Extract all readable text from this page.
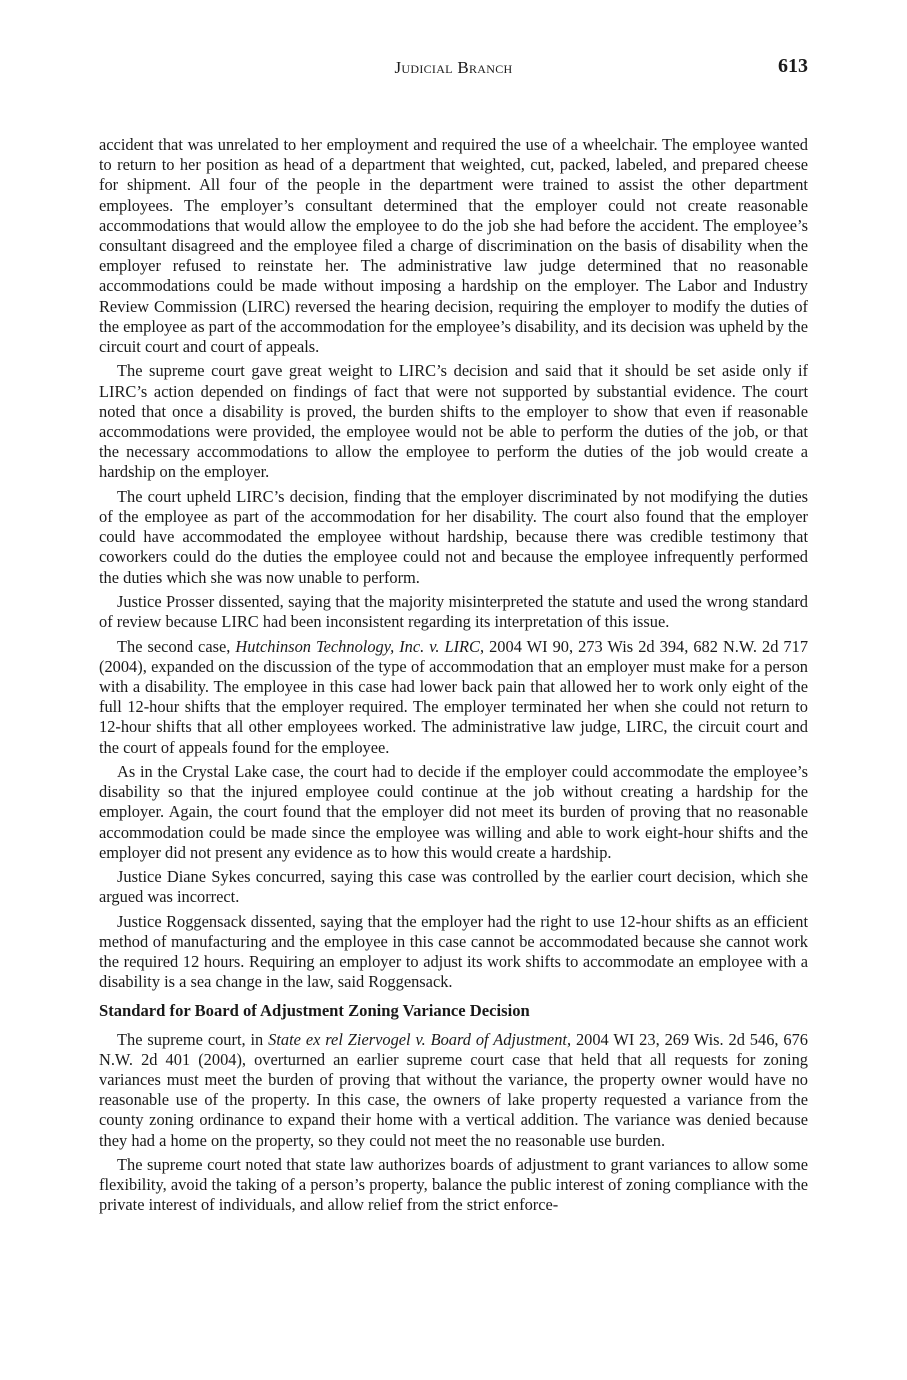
Judicial Branch	613

accident that was unrelated to her employment and required the use of a wheelchair. The employee wanted to return to her position as head of a department that weighted, cut, packed, labeled, and prepared cheese for shipment. All four of the people in the department were trained to assist the other department employees. The employer’s consultant determined that the employer could not create reasonable accommodations that would allow the employee to do the job she had before the accident. The employee’s consultant disagreed and the employee filed a charge of discrimination on the basis of disability when the employer refused to reinstate her. The administrative law judge determined that no reasonable accommodations could be made without imposing a hardship on the employer. The Labor and Industry Review Commission (LIRC) reversed the hearing decision, requiring the employer to modify the duties of the employee as part of the accommodation for the employee’s disability, and its decision was upheld by the circuit court and court of appeals.

The supreme court gave great weight to LIRC’s decision and said that it should be set aside only if LIRC’s action depended on findings of fact that were not supported by substantial evidence. The court noted that once a disability is proved, the burden shifts to the employer to show that even if reasonable accommodations were provided, the employee would not be able to perform the duties of the job, or that the necessary accommodations to allow the employee to perform the duties of the job would create a hardship on the employer.

The court upheld LIRC’s decision, finding that the employer discriminated by not modifying the duties of the employee as part of the accommodation for her disability. The court also found that the employer could have accommodated the employee without hardship, because there was credible testimony that coworkers could do the duties the employee could not and because the employee infrequently performed the duties which she was now unable to perform.

Justice Prosser dissented, saying that the majority misinterpreted the statute and used the wrong standard of review because LIRC had been inconsistent regarding its interpretation of this issue.

The second case, Hutchinson Technology, Inc. v. LIRC, 2004 WI 90, 273 Wis 2d 394, 682 N.W. 2d 717 (2004), expanded on the discussion of the type of accommodation that an employer must make for a person with a disability. The employee in this case had lower back pain that allowed her to work only eight of the full 12-hour shifts that the employer required. The employer terminated her when she could not return to 12-hour shifts that all other employees worked. The administrative law judge, LIRC, the circuit court and the court of appeals found for the employee.

As in the Crystal Lake case, the court had to decide if the employer could accommodate the employee’s disability so that the injured employee could continue at the job without creating a hardship for the employer. Again, the court found that the employer did not meet its burden of proving that no reasonable accommodation could be made since the employee was willing and able to work eight-hour shifts and the employer did not present any evidence as to how this would create a hardship.

Justice Diane Sykes concurred, saying this case was controlled by the earlier court decision, which she argued was incorrect.

Justice Roggensack dissented, saying that the employer had the right to use 12-hour shifts as an efficient method of manufacturing and the employee in this case cannot be accommodated because she cannot work the required 12 hours. Requiring an employer to adjust its work shifts to accommodate an employee with a disability is a sea change in the law, said Roggensack.

Standard for Board of Adjustment Zoning Variance Decision

The supreme court, in State ex rel Ziervogel v. Board of Adjustment, 2004 WI 23, 269 Wis. 2d 546, 676 N.W. 2d 401 (2004), overturned an earlier supreme court case that held that all requests for zoning variances must meet the burden of proving that without the variance, the property owner would have no reasonable use of the property. In this case, the owners of lake property requested a variance from the county zoning ordinance to expand their home with a vertical addition. The variance was denied because they had a home on the property, so they could not meet the no reasonable use burden.

The supreme court noted that state law authorizes boards of adjustment to grant variances to allow some flexibility, avoid the taking of a person’s property, balance the public interest of zoning compliance with the private interest of individuals, and allow relief from the strict enforce-
